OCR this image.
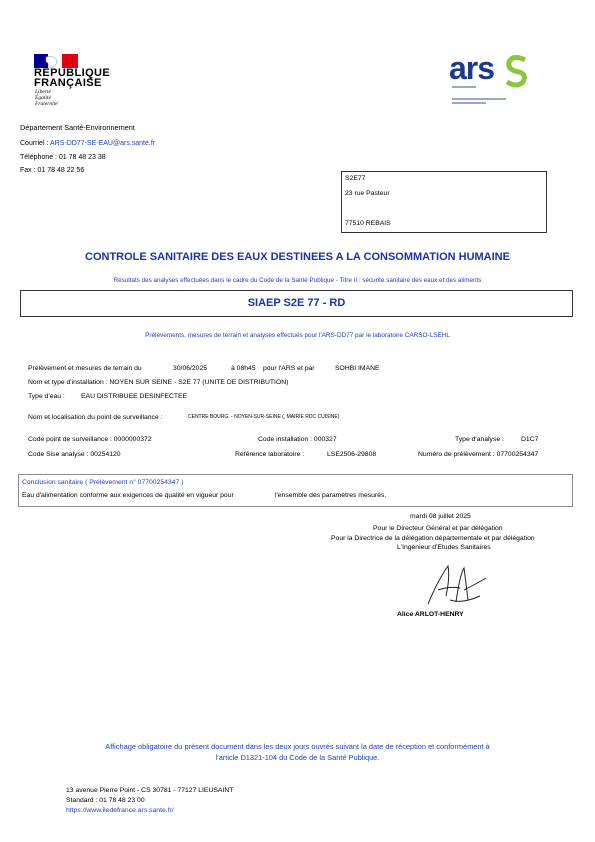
RÉPUBLIQUE
FRANÇAISE
Liberté
Égalité
Fraternité
ars
Département Santé-Environnement
Courriel : ARS-DD77-SE-EAU@ars.sante.fr
Téléphone : 01 78 48 23 38
Fax : 01 78 48 22 56
S2E77
23 rue Pasteur
77510 REBAIS
CONTROLE SANITAIRE DES EAUX DESTINEES A LA CONSOMMATION HUMAINE
Résultats des analyses effectuées dans le cadre du Code de la Santé Publique - Titre II : sécurité sanitaire des eaux et des aliments
SIAEP S2E 77 - RD
Prélèvements, mesures de terrain et analyses effectués pour l'ARS-DD77 par le laboratoire CARSO-LSEHL
Prélèvement et mesures de terrain du	30/06/2025	à 08h45 pour l'ARS et par	SOHBI IMANE
Nom et type d'installation : NOYEN SUR SEINE - S2E 77 (UNITE DE DISTRIBUTION)
Type d'eau : EAU DISTRIBUEE DESINFECTEE
Nom et localisation du point de surveillance :	CENTRE BOURG. - NOYEN-SUR-SEINE (, MAIRIE RDC CUISINE)
Code point de surveillance : 0000000372	Code installation : 000327	Type d'analyse :	D1C7
Code Sise analyse : 00254120	Référence laboratoire :	LSE2506-29808	Numéro de prélèvement : 07700254347
Conclusion sanitaire ( Prélèvement n° 07700254347 )
Eau d'alimentation conforme aux exigences de qualité en vigueur pour	l'ensemble des paramètres mesurés.
mardi 08 juillet 2025
Pour le Directeur Général et par délégation
Pour la Directrice de la délégation départementale et par délégation
L'Ingénieur d'Etudes Sanitaires
Alice ARLOT-HENRY
Affichage obligatoire du présent document dans les deux jours ouvrés suivant la date de réception et conformément à
l'article D1321-104 du Code de la Santé Publique.
13 avenue Pierre Point - CS 30781 - 77127 LIEUSAINT
Standard : 01 78 48 23 00
https://www.iledefrance.ars.sante.fr/
